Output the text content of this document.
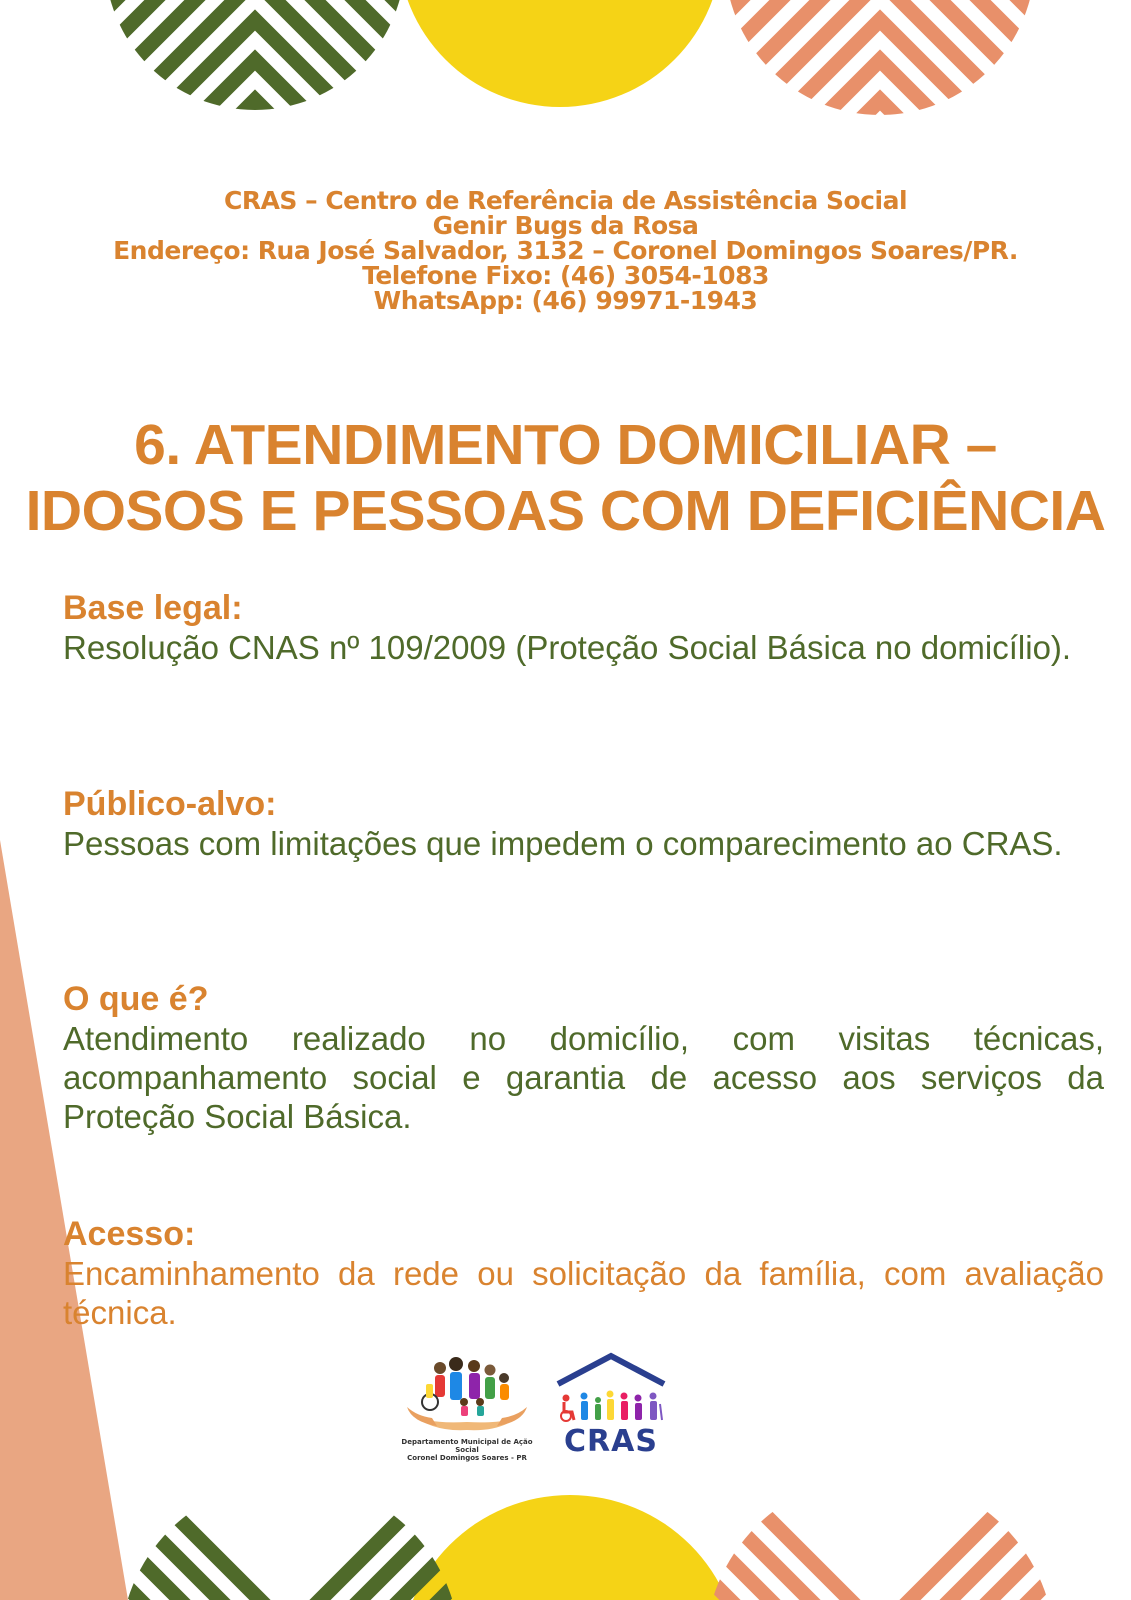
CRAS – Centro de Referência de Assistência Social
Genir Bugs da Rosa
Endereço: Rua José Salvador, 3132 – Coronel Domingos Soares/PR.
Telefone Fixo: (46) 3054-1083
WhatsApp: (46) 99971-1943
6. ATENDIMENTO DOMICILIAR –
IDOSOS E PESSOAS COM DEFICIÊNCIA
Base legal:
Resolução CNAS nº 109/2009 (Proteção Social Básica no domicílio).
Público-alvo:
Pessoas com limitações que impedem o comparecimento ao CRAS.
O que é?
Atendimento realizado no domicílio, com visitas técnicas, acompanhamento social e garantia de acesso aos serviços da Proteção Social Básica.
Acesso:
Encaminhamento da rede ou solicitação da família, com avaliação técnica.
Departamento Municipal de Ação Social
Coronel Domingos Soares - PR	CRAS
